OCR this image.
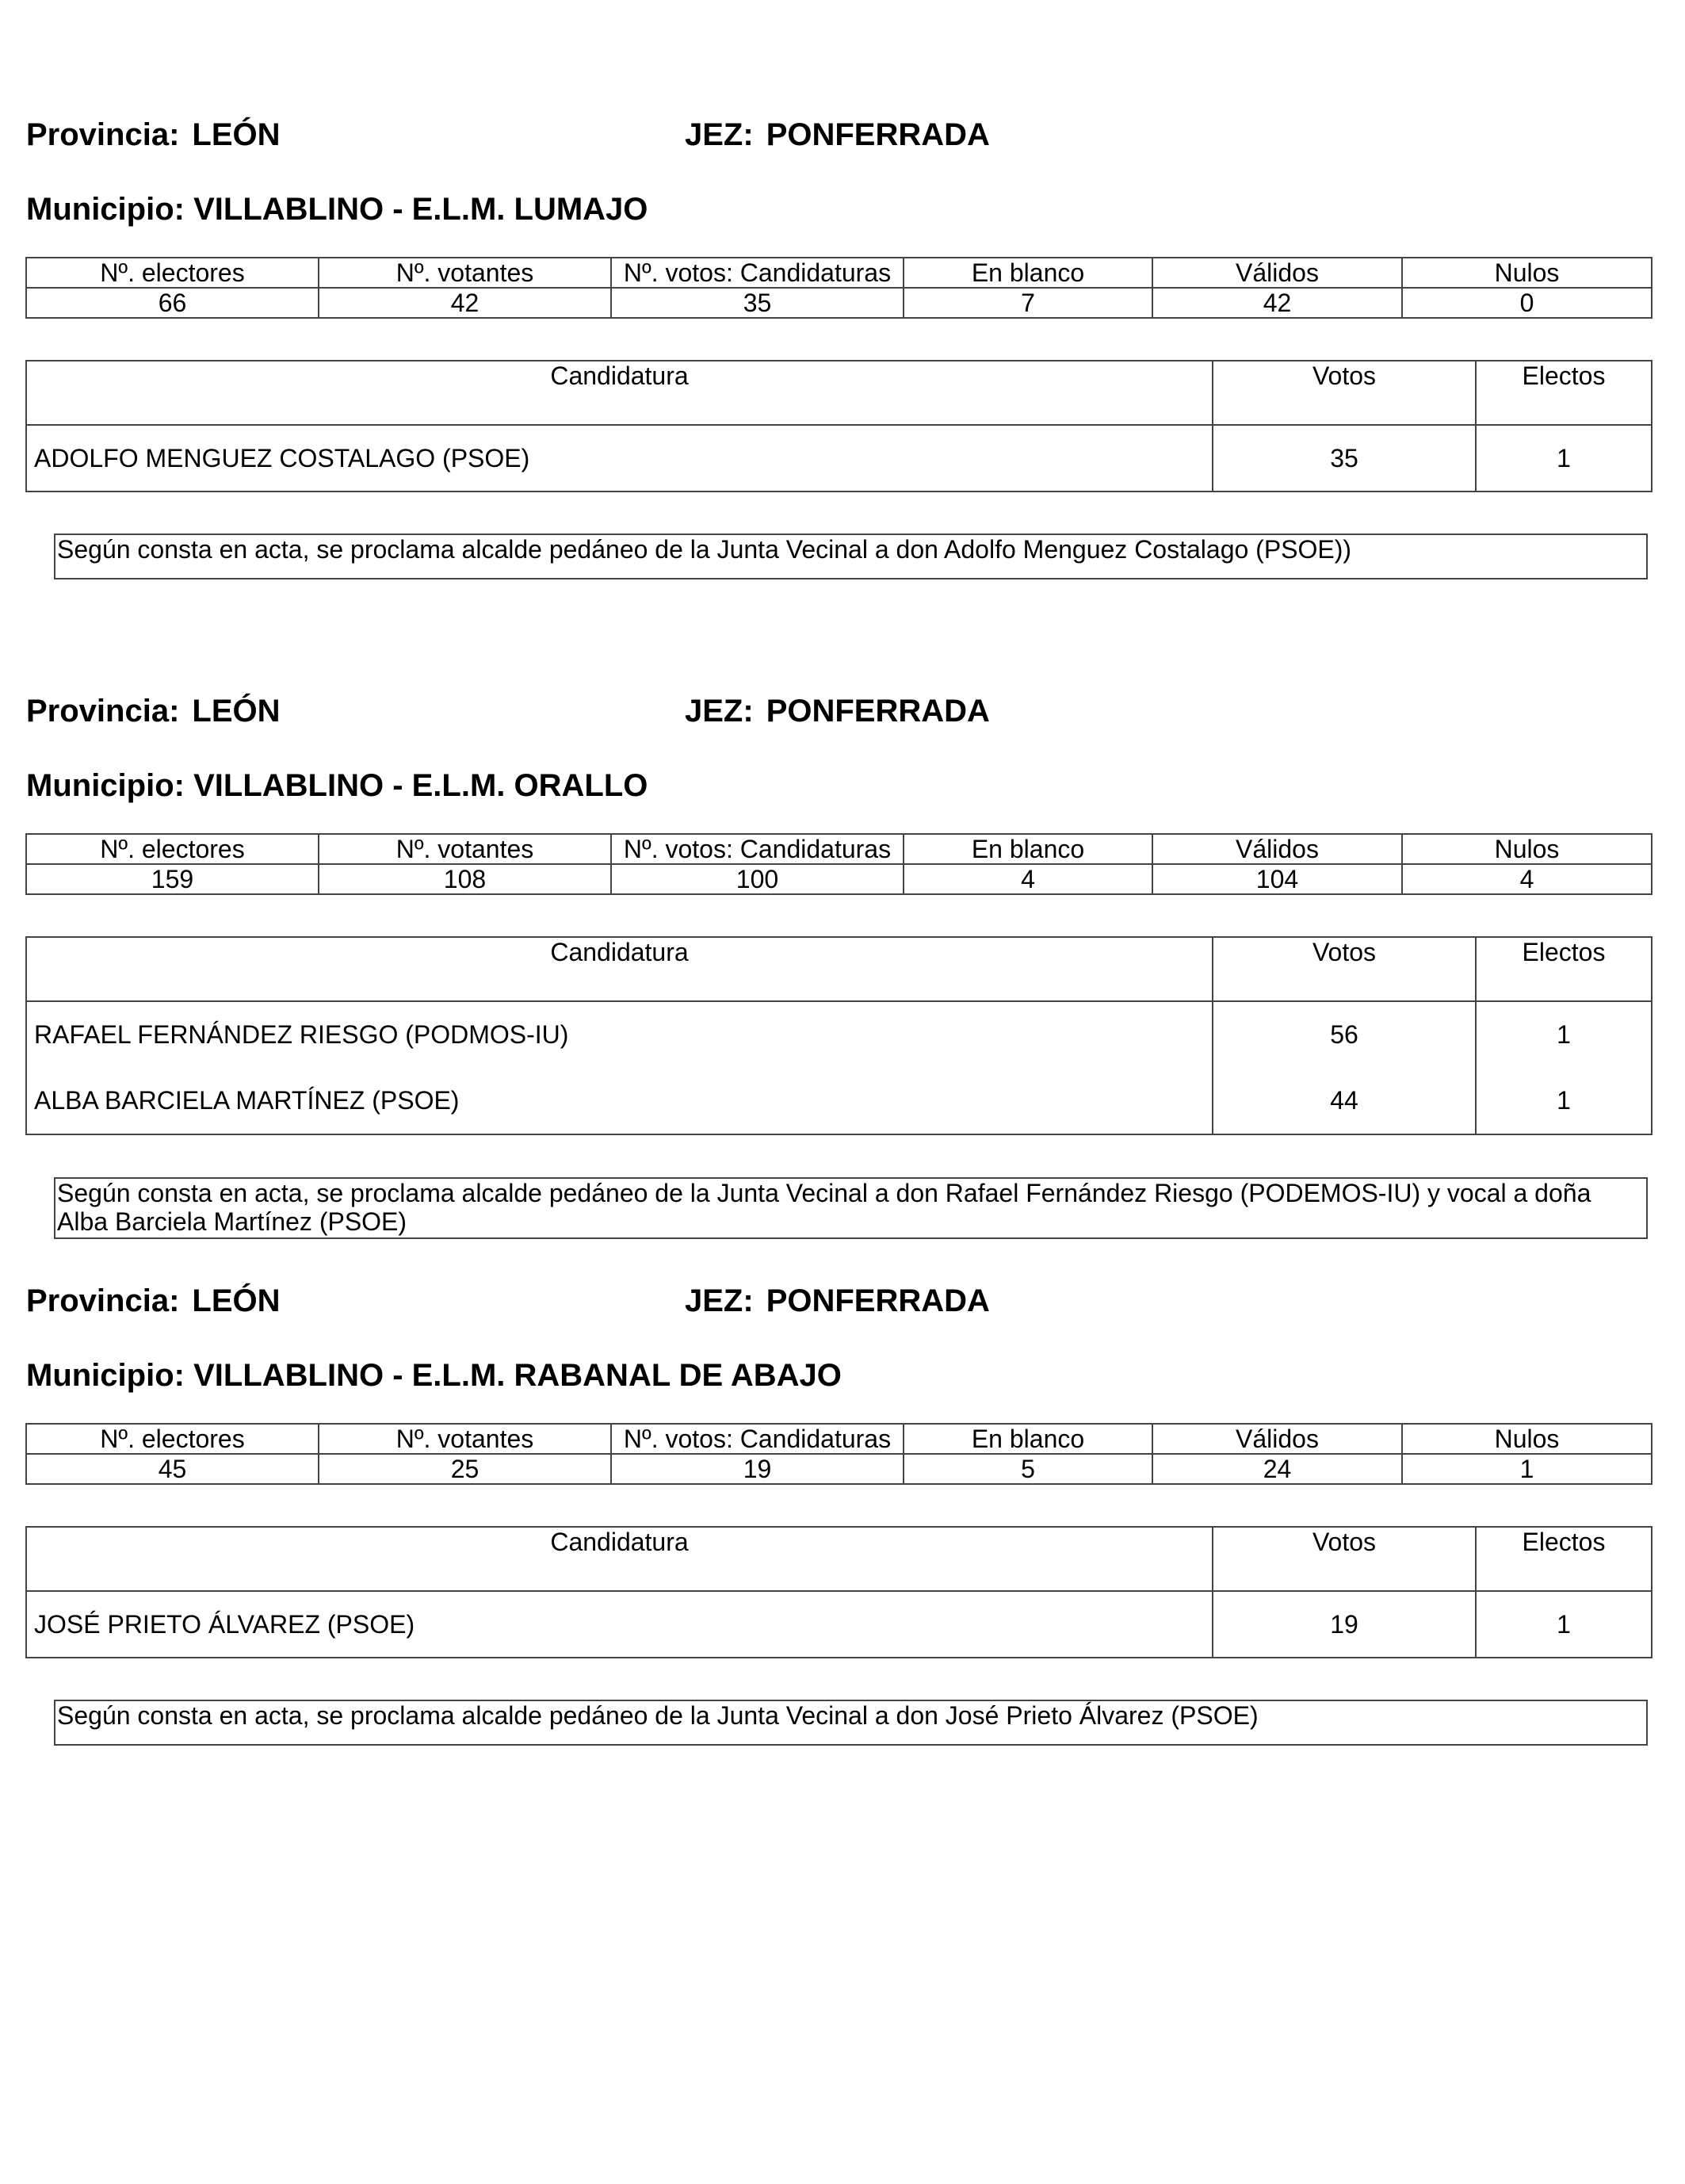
Provincia: LEÓN	JEZ: PONFERRADA
Municipio: VILLABLINO - E.L.M. LUMAJO
Nº. electores	Nº. votantes	Nº. votos: Candidaturas	En blanco	Válidos	Nulos
66	42	35	7	42	0
Candidatura	Votos	Electos
ADOLFO MENGUEZ COSTALAGO (PSOE)	35	1
Según consta en acta, se proclama alcalde pedáneo de la Junta Vecinal a don Adolfo Menguez Costalago (PSOE))
Provincia: LEÓN	JEZ: PONFERRADA
Municipio: VILLABLINO - E.L.M. ORALLO
Nº. electores	Nº. votantes	Nº. votos: Candidaturas	En blanco	Válidos	Nulos
159	108	100	4	104	4
Candidatura	Votos	Electos
RAFAEL FERNÁNDEZ RIESGO (PODMOS-IU)	56	1
ALBA BARCIELA MARTÍNEZ (PSOE)	44	1
Según consta en acta, se proclama alcalde pedáneo de la Junta Vecinal a don Rafael Fernández Riesgo (PODEMOS-IU) y vocal a doña Alba Barciela Martínez (PSOE)
Provincia: LEÓN	JEZ: PONFERRADA
Municipio: VILLABLINO - E.L.M. RABANAL DE ABAJO
Nº. electores	Nº. votantes	Nº. votos: Candidaturas	En blanco	Válidos	Nulos
45	25	19	5	24	1
Candidatura	Votos	Electos
JOSÉ PRIETO ÁLVAREZ (PSOE)	19	1
Según consta en acta, se proclama alcalde pedáneo de la Junta Vecinal a don José Prieto Álvarez (PSOE)
